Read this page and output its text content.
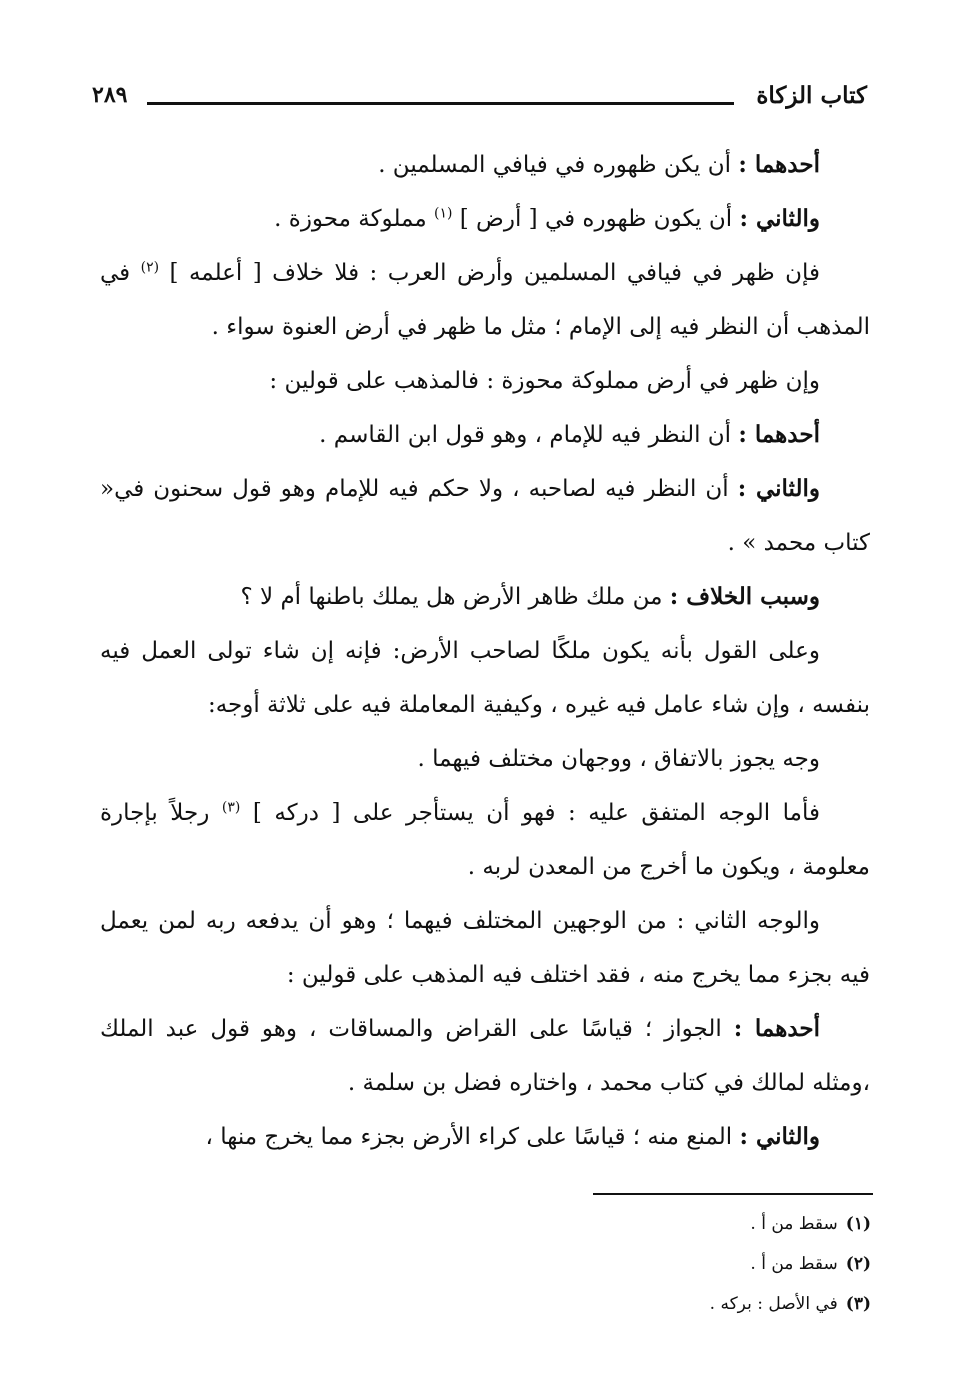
كتاب الزكاة
٢٨٩

أحدهما : أن يكن ظهوره في فيافي المسلمين .

والثاني : أن يكون ظهوره في [ أرض ] $^{(١)}$ مملوكة محوزة .

فإن ظهر في فيافي المسلمين وأرض العرب : فلا خلاف [ أعلمه ] $^{(٢)}$ في المذهب أن النظر فيه إلى الإمام ؛ مثل ما ظهر في أرض العنوة سواء .

وإن ظهر في أرض مملوكة محوزة : فالمذهب على قولين :

أحدهما : أن النظر فيه للإمام ، وهو قول ابن القاسم .

والثاني : أن النظر فيه لصاحبه ، ولا حكم فيه للإمام وهو قول سحنون في« كتاب محمد » .

وسبب الخلاف : من ملك ظاهر الأرض هل يملك باطنها أم لا ؟

وعلى القول بأنه يكون ملكًا لصاحب الأرض: فإنه إن شاء تولى العمل فيه بنفسه ، وإن شاء عامل فيه غيره ، وكيفية المعاملة فيه على ثلاثة أوجه:

وجه يجوز بالاتفاق ، ووجهان مختلف فيهما .

فأما الوجه المتفق عليه : فهو أن يستأجر على [ دركه ] $^{(٣)}$ رجلاً بإجارة معلومة ، ويكون ما أخرج من المعدن لربه .

والوجه الثاني : من الوجهين المختلف فيهما ؛ وهو أن يدفعه ربه لمن يعمل فيه بجزء مما يخرج منه ، فقد اختلف فيه المذهب على قولين :

أحدهما : الجواز ؛ قياسًا على القراض والمساقات ، وهو قول عبد الملك ،ومثله لمالك في كتاب محمد ، واختاره فضل بن سلمة .

والثاني : المنع منه ؛ قياسًا على كراء الأرض بجزء مما يخرج منها ،

(١)سقط من أ .

(٢)سقط من أ .

(٣)في الأصل : بركه .
